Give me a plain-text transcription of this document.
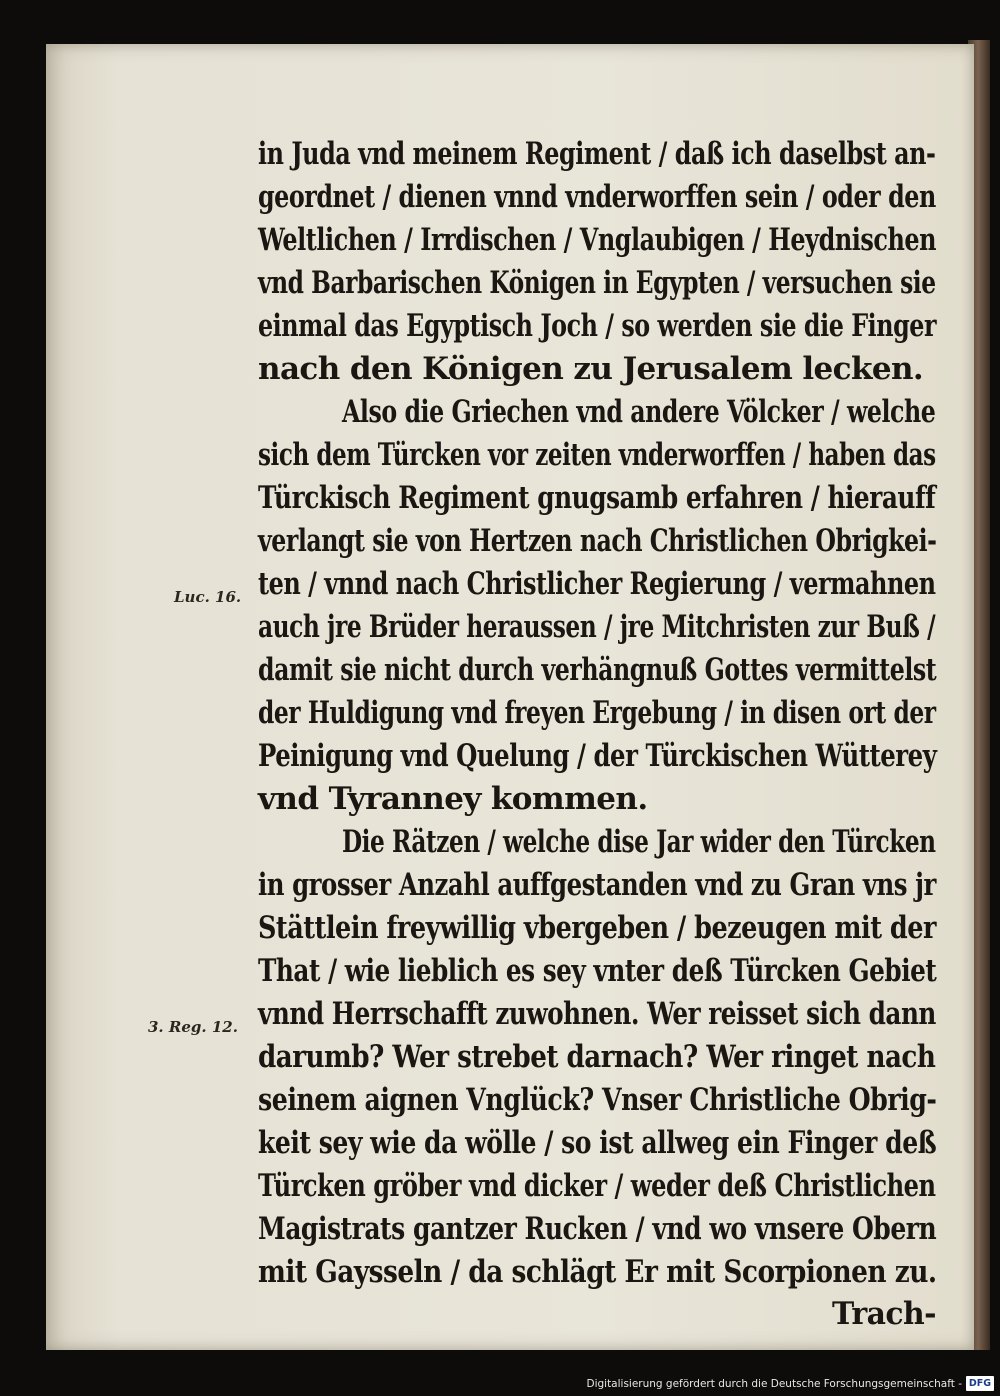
in Juda vnd meinem Regiment / daß ich daselbst an-
geordnet / dienen vnnd vnderworffen sein / oder den
Weltlichen / Irrdischen / Vnglaubigen / Heydnischen
vnd Barbarischen Königen in Egypten / versuchen sie
einmal das Egyptisch Joch / so werden sie die Finger
nach den Königen zu Jerusalem lecken.
Also die Griechen vnd andere Völcker / welche
sich dem Türcken vor zeiten vnderworffen / haben das
Türckisch Regiment gnugsamb erfahren / hierauff
verlangt sie von Hertzen nach Christlichen Obrigkei-
ten / vnnd nach Christlicher Regierung / vermahnen
auch jre Brüder heraussen / jre Mitchristen zur Buß /
damit sie nicht durch verhängnuß Gottes vermittelst
der Huldigung vnd freyen Ergebung / in disen ort der
Peinigung vnd Quelung / der Türckischen Wütterey
vnd Tyranney kommen.
Die Rätzen / welche dise Jar wider den Türcken
in grosser Anzahl auffgestanden vnd zu Gran vns jr
Stättlein freywillig vbergeben / bezeugen mit der
That / wie lieblich es sey vnter deß Türcken Gebiet
vnnd Herrschafft zuwohnen. Wer reisset sich dann
darumb? Wer strebet darnach? Wer ringet nach
seinem aignen Vnglück? Vnser Christliche Obrig-
keit sey wie da wölle / so ist allweg ein Finger deß
Türcken gröber vnd dicker / weder deß Christlichen
Magistrats gantzer Rucken / vnd wo vnsere Obern
mit Gaysseln / da schlägt Er mit Scorpionen zu.
Trach-
Luc. 16.
3. Reg. 12.
Digitalisierung gefördert durch die Deutsche Forschungsgemeinschaft - DFG
